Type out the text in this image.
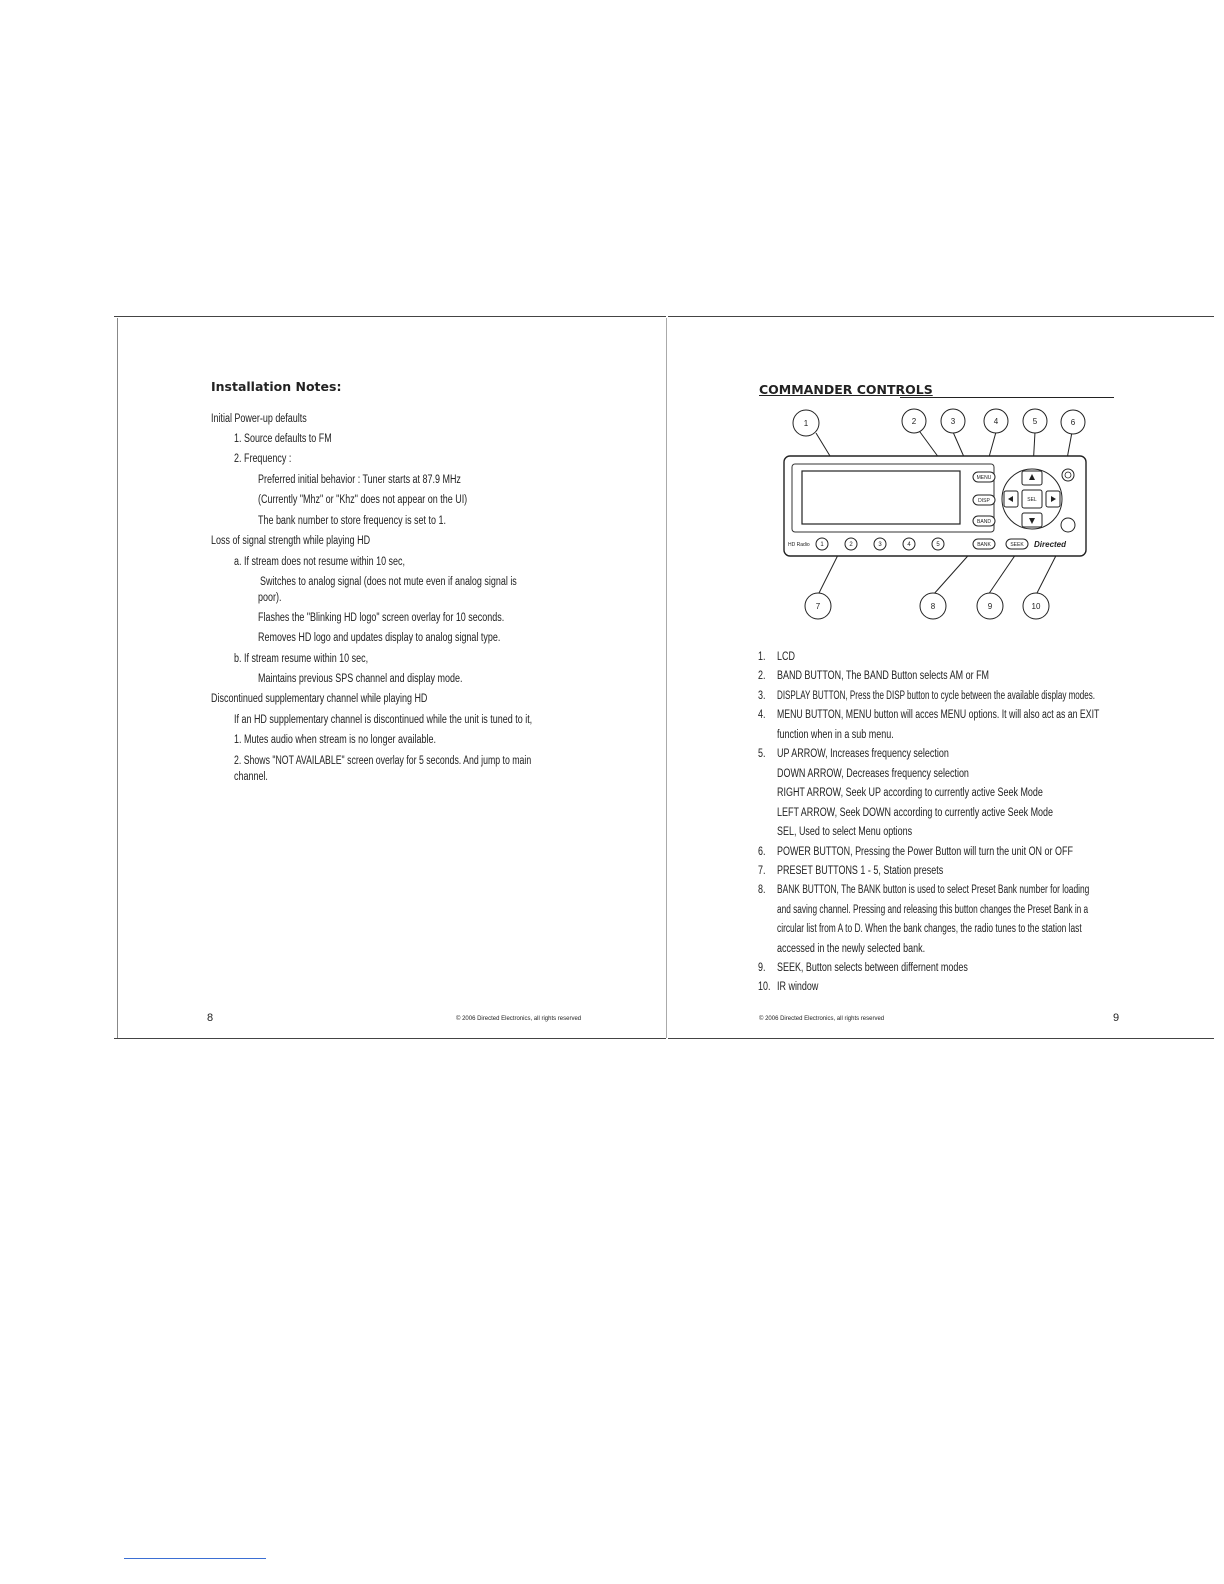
Installation Notes:
Initial Power-up defaults
1. Source defaults to FM
2. Frequency :
Preferred initial behavior : Tuner starts at 87.9 MHz
(Currently "Mhz" or "Khz" does not appear on the UI)
The bank number to store frequency is set to 1.
Loss of signal strength while playing HD
a. If stream does not resume within 10 sec,
Switches to analog signal (does not mute even if analog signal is
poor).
Flashes the "Blinking HD logo" screen overlay for 10 seconds.
Removes HD logo and updates display to analog signal type.
b. If stream resume within 10 sec,
Maintains previous SPS channel and display mode.
Discontinued supplementary channel while playing HD
If an HD supplementary channel is discontinued while the unit is tuned to it,
1. Mutes audio when stream is no longer available.
2. Shows "NOT AVAILABLE" screen overlay for 5 seconds. And jump to main
channel.
8	© 2006 Directed Electronics, all rights reserved
COMMANDER CONTROLS
MENU
DISP
BAND
SEL
HD Radio 1	2	3	4	5	BANK	SEEK Directed
1	2	3	4	5	6
7	8	9	10
1. LCD
2. BAND BUTTON, The BAND Button selects AM or FM
3. DISPLAY BUTTON, Press the DISP button to cycle between the available display modes.
4. MENU BUTTON, MENU button will acces MENU options. It will also act as an EXIT
function when in a sub menu.
5. UP ARROW, Increases frequency selection
DOWN ARROW, Decreases frequency selection
RIGHT ARROW, Seek UP according to currently active Seek Mode
LEFT ARROW, Seek DOWN according to currently active Seek Mode
SEL, Used to select Menu options
6. POWER BUTTON, Pressing the Power Button will turn the unit ON or OFF
7. PRESET BUTTONS 1 - 5, Station presets
8. BANK BUTTON, The BANK button is used to select Preset Bank number for loading
and saving channel. Pressing and releasing this button changes the Preset Bank in a
circular list from A to D. When the bank changes, the radio tunes to the station last
accessed in the newly selected bank.
9. SEEK, Button selects between differnent modes
10. IR window
© 2006 Directed Electronics, all rights reserved	9
